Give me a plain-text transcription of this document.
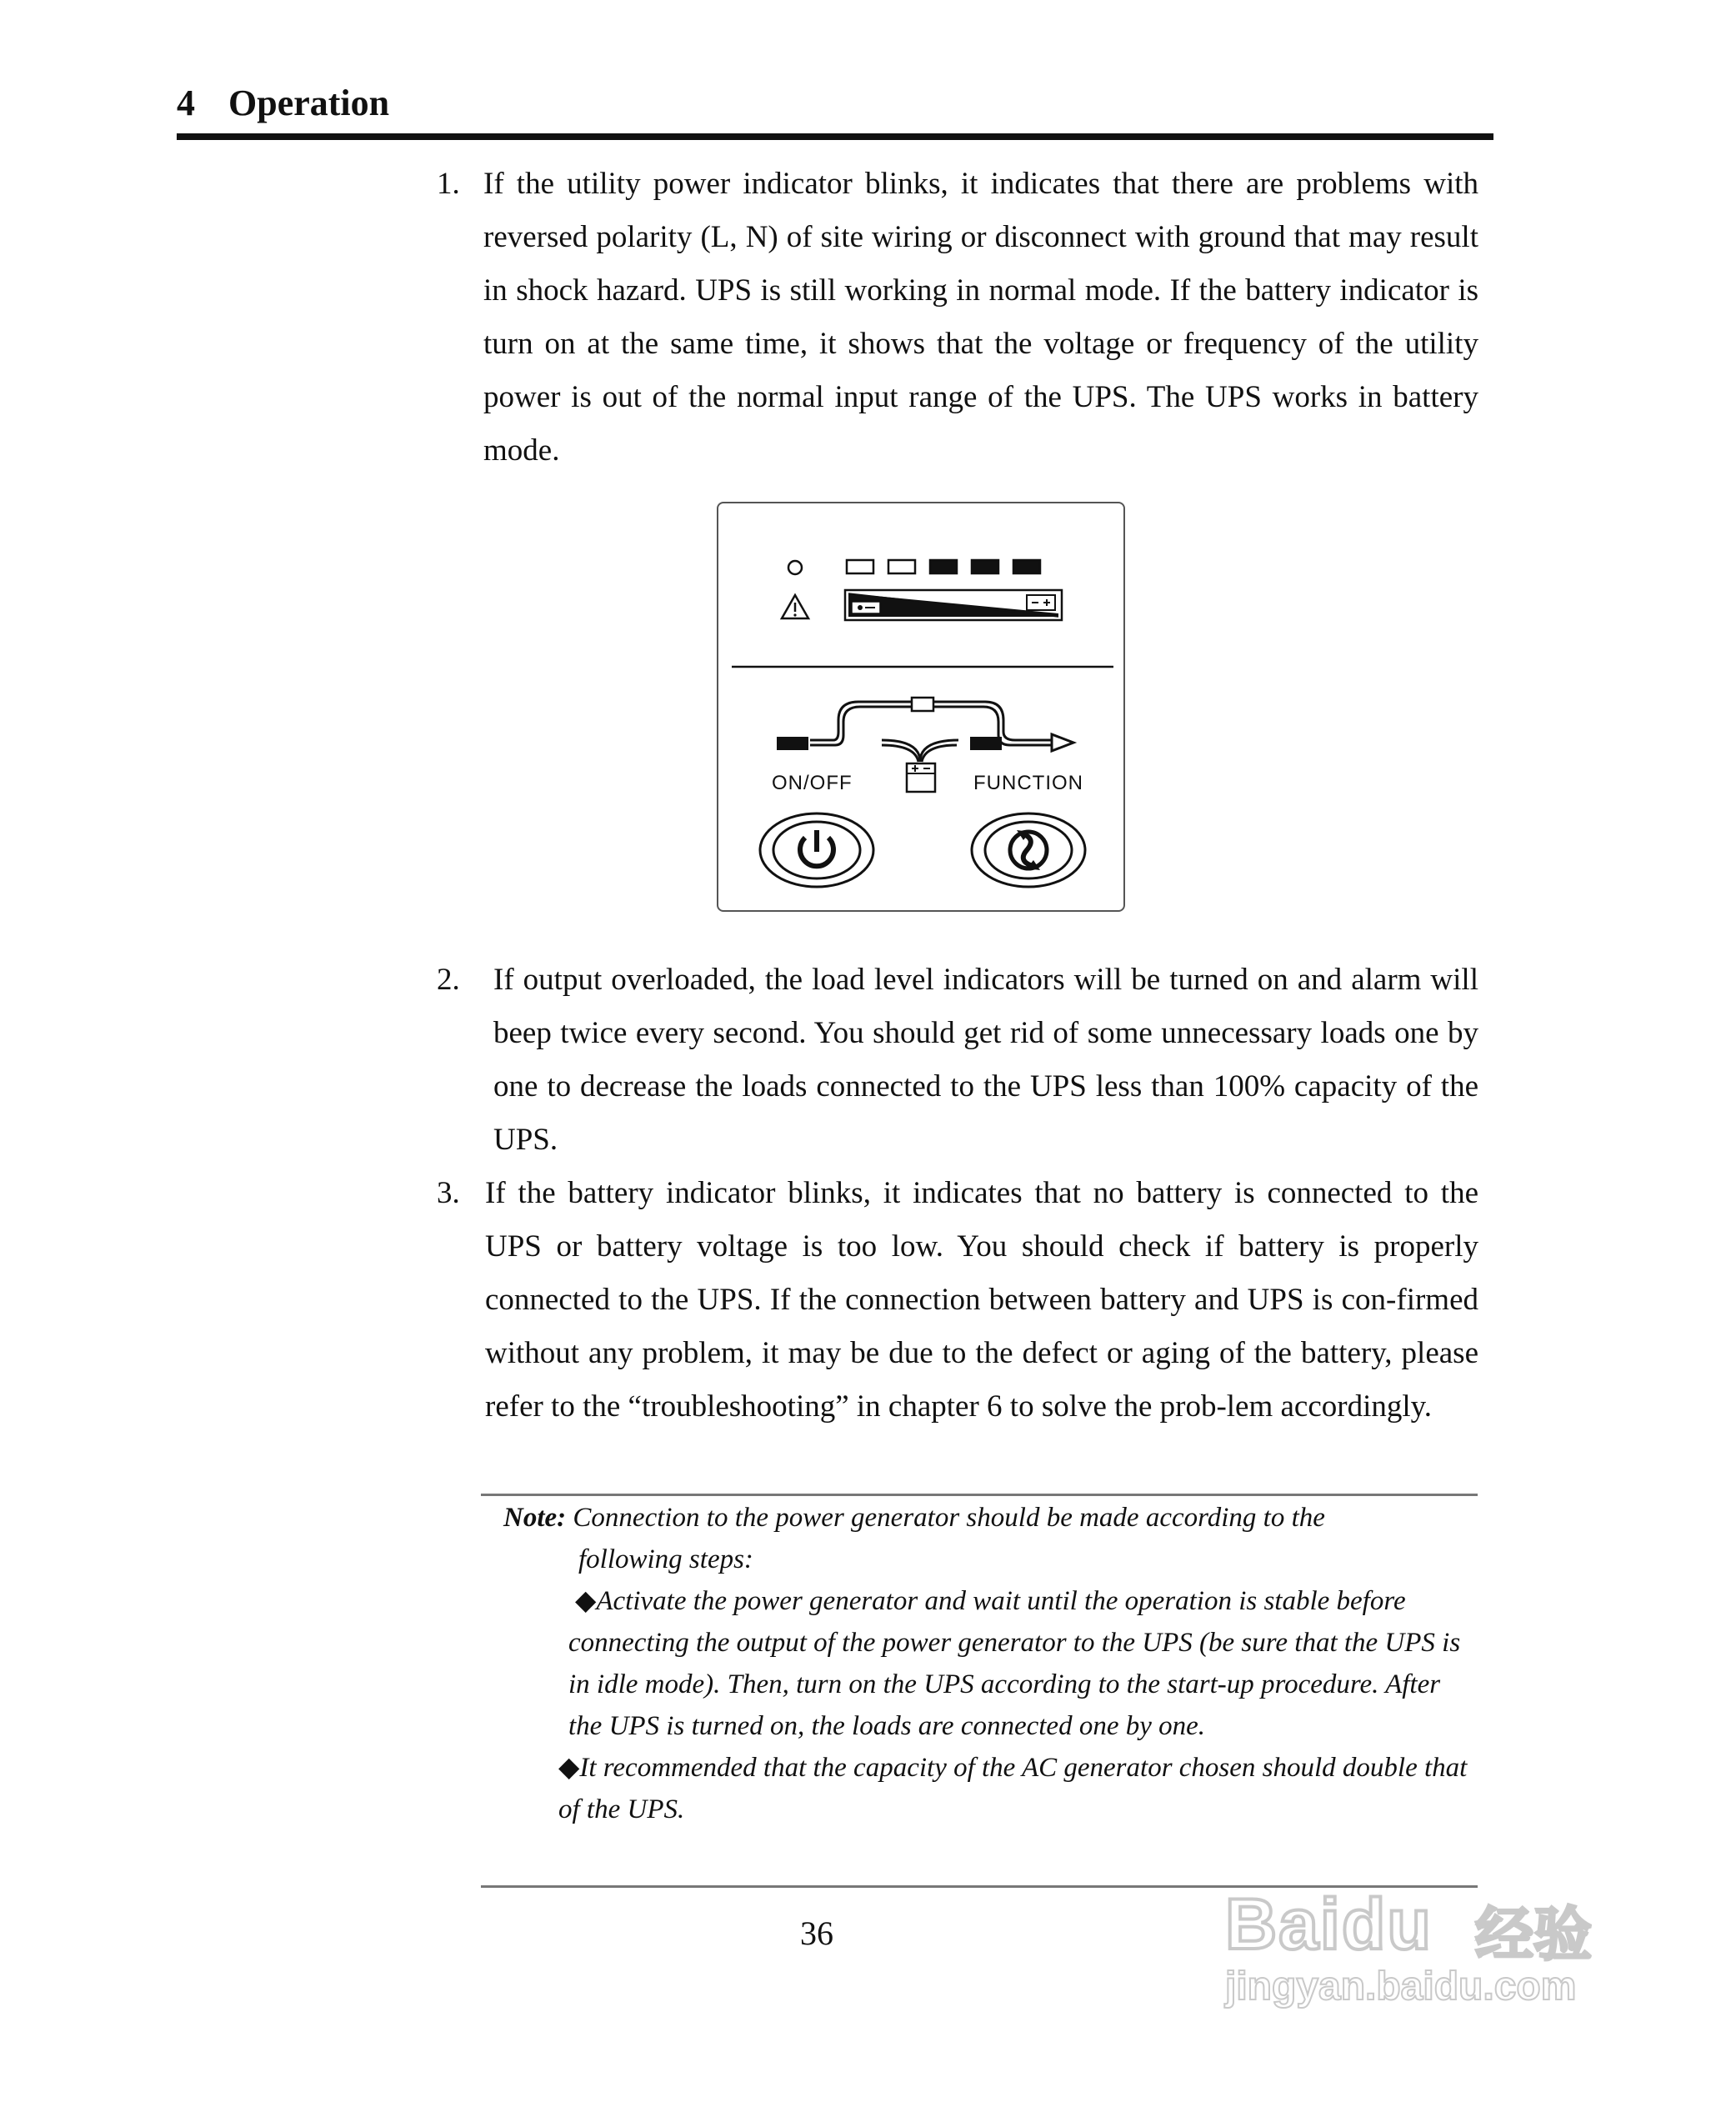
4 Operation
1. If the utility power indicator blinks, it indicates that there are problems with reversed polarity (L, N) of site wiring or disconnect with ground that may result in shock hazard. UPS is still working in normal mode. If the battery indicator is turn on at the same time, it shows that the voltage or frequency of the utility power is out of the normal input range of the UPS. The UPS works in battery mode.
ON/OFF	FUNCTION
2. If output overloaded, the load level indicators will be turned on and alarm will beep twice every second. You should get rid of some unnecessary loads one by one to decrease the loads connected to the UPS less than 100% capacity of the UPS.
3. If the battery indicator blinks, it indicates that no battery is connected to the UPS or battery voltage is too low. You should check if battery is properly connected to the UPS. If the connection between battery and UPS is con-firmed without any problem, it may be due to the defect or aging of the battery, please refer to the “troubleshooting” in chapter 6 to solve the prob-lem accordingly.

Note: Connection to the power generator should be made according to the

following steps:

◆Activate the power generator and wait until the operation is stable before connecting the output of the power generator to the UPS (be sure that the UPS is in idle mode). Then, turn on the UPS according to the start-up procedure. After the UPS is turned on, the loads are connected one by one.

◆It recommended that the capacity of the AC generator chosen should double that of the UPS.

36	Baidu 经验
jingyan.baidu.com
